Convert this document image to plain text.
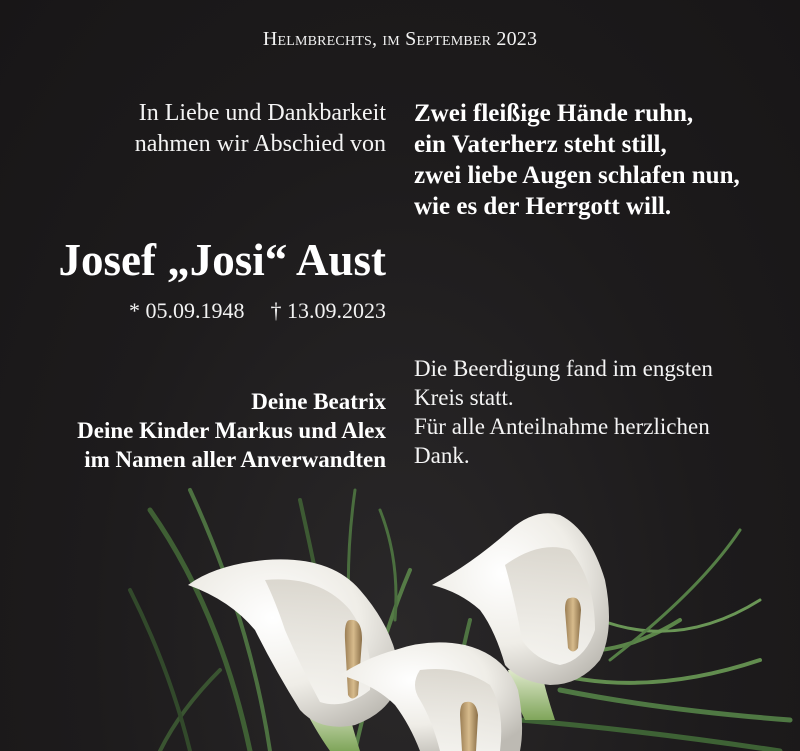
Helmbrechts, im September 2023
In Liebe und Dankbarkeit
nahmen wir Abschied von
Zwei fleißige Hände ruhn,
ein Vaterherz steht still,
zwei liebe Augen schlafen nun,
wie es der Herrgott will.
Josef „Josi“ Aust
* 05.09.1948 † 13.09.2023
Deine Beatrix
Deine Kinder Markus und Alex
im Namen aller Anverwandten
Die Beerdigung fand im engsten
Kreis statt.
Für alle Anteilnahme herzlichen
Dank.
